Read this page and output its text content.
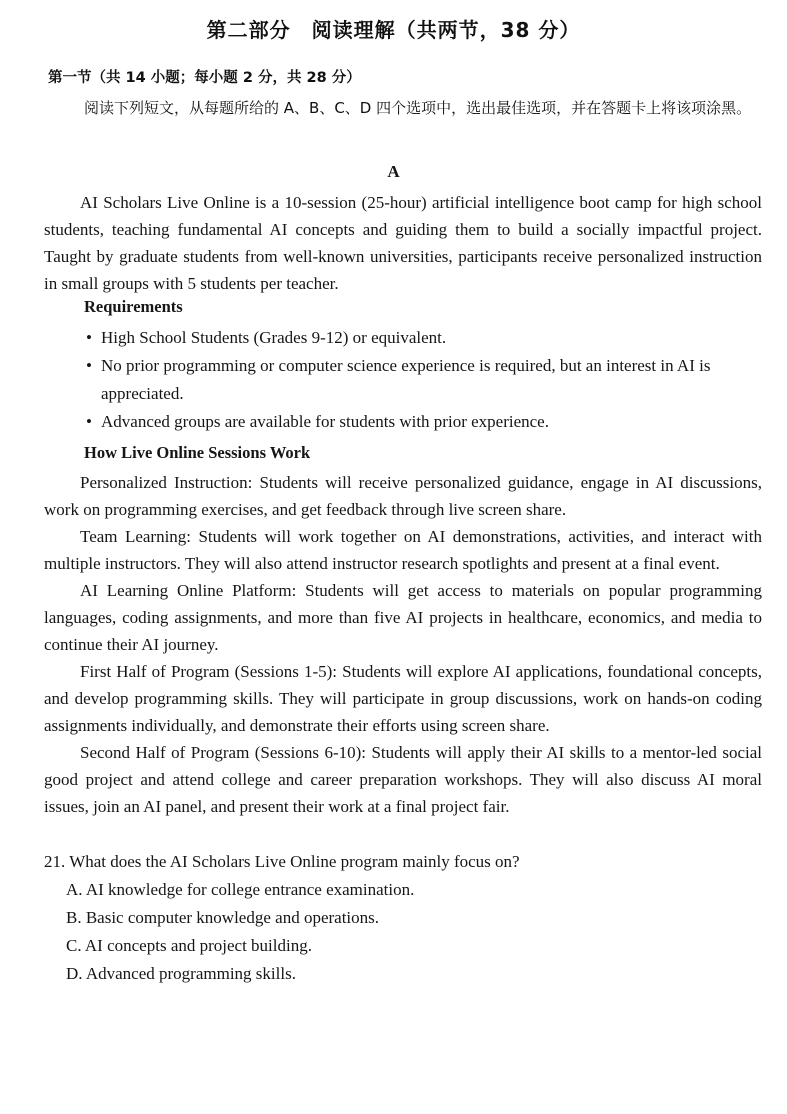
第二部分　阅读理解（共两节，38 分）
第一节（共 14 小题；每小题 2 分，共 28 分）
阅读下列短文，从每题所给的 A、B、C、D 四个选项中，选出最佳选项，并在答题卡上将该项涂黑。
A

AI Scholars Live Online is a 10-session (25-hour) artificial intelligence boot camp for high school students, teaching fundamental AI concepts and guiding them to build a socially impactful project. Taught by graduate students from well-known universities, participants receive personalized instruction in small groups with 5 students per teacher.

Requirements
• High School Students (Grades 9-12) or equivalent.
• No prior programming or computer science experience is required, but an interest in AI is appreciated.
• Advanced groups are available for students with prior experience.
How Live Online Sessions Work

Personalized Instruction: Students will receive personalized guidance, engage in AI discussions, work on programming exercises, and get feedback through live screen share.

Team Learning: Students will work together on AI demonstrations, activities, and interact with multiple instructors. They will also attend instructor research spotlights and present at a final event.

AI Learning Online Platform: Students will get access to materials on popular programming languages, coding assignments, and more than five AI projects in healthcare, economics, and media to continue their AI journey.

First Half of Program (Sessions 1-5): Students will explore AI applications, foundational concepts, and develop programming skills. They will participate in group discussions, work on hands-on coding assignments individually, and demonstrate their efforts using screen share.

Second Half of Program (Sessions 6-10): Students will apply their AI skills to a mentor-led social good project and attend college and career preparation workshops. They will also discuss AI moral issues, join an AI panel, and present their work at a final project fair.

21. What does the AI Scholars Live Online program mainly focus on?
A. AI knowledge for college entrance examination.
B. Basic computer knowledge and operations.
C. AI concepts and project building.
D. Advanced programming skills.
